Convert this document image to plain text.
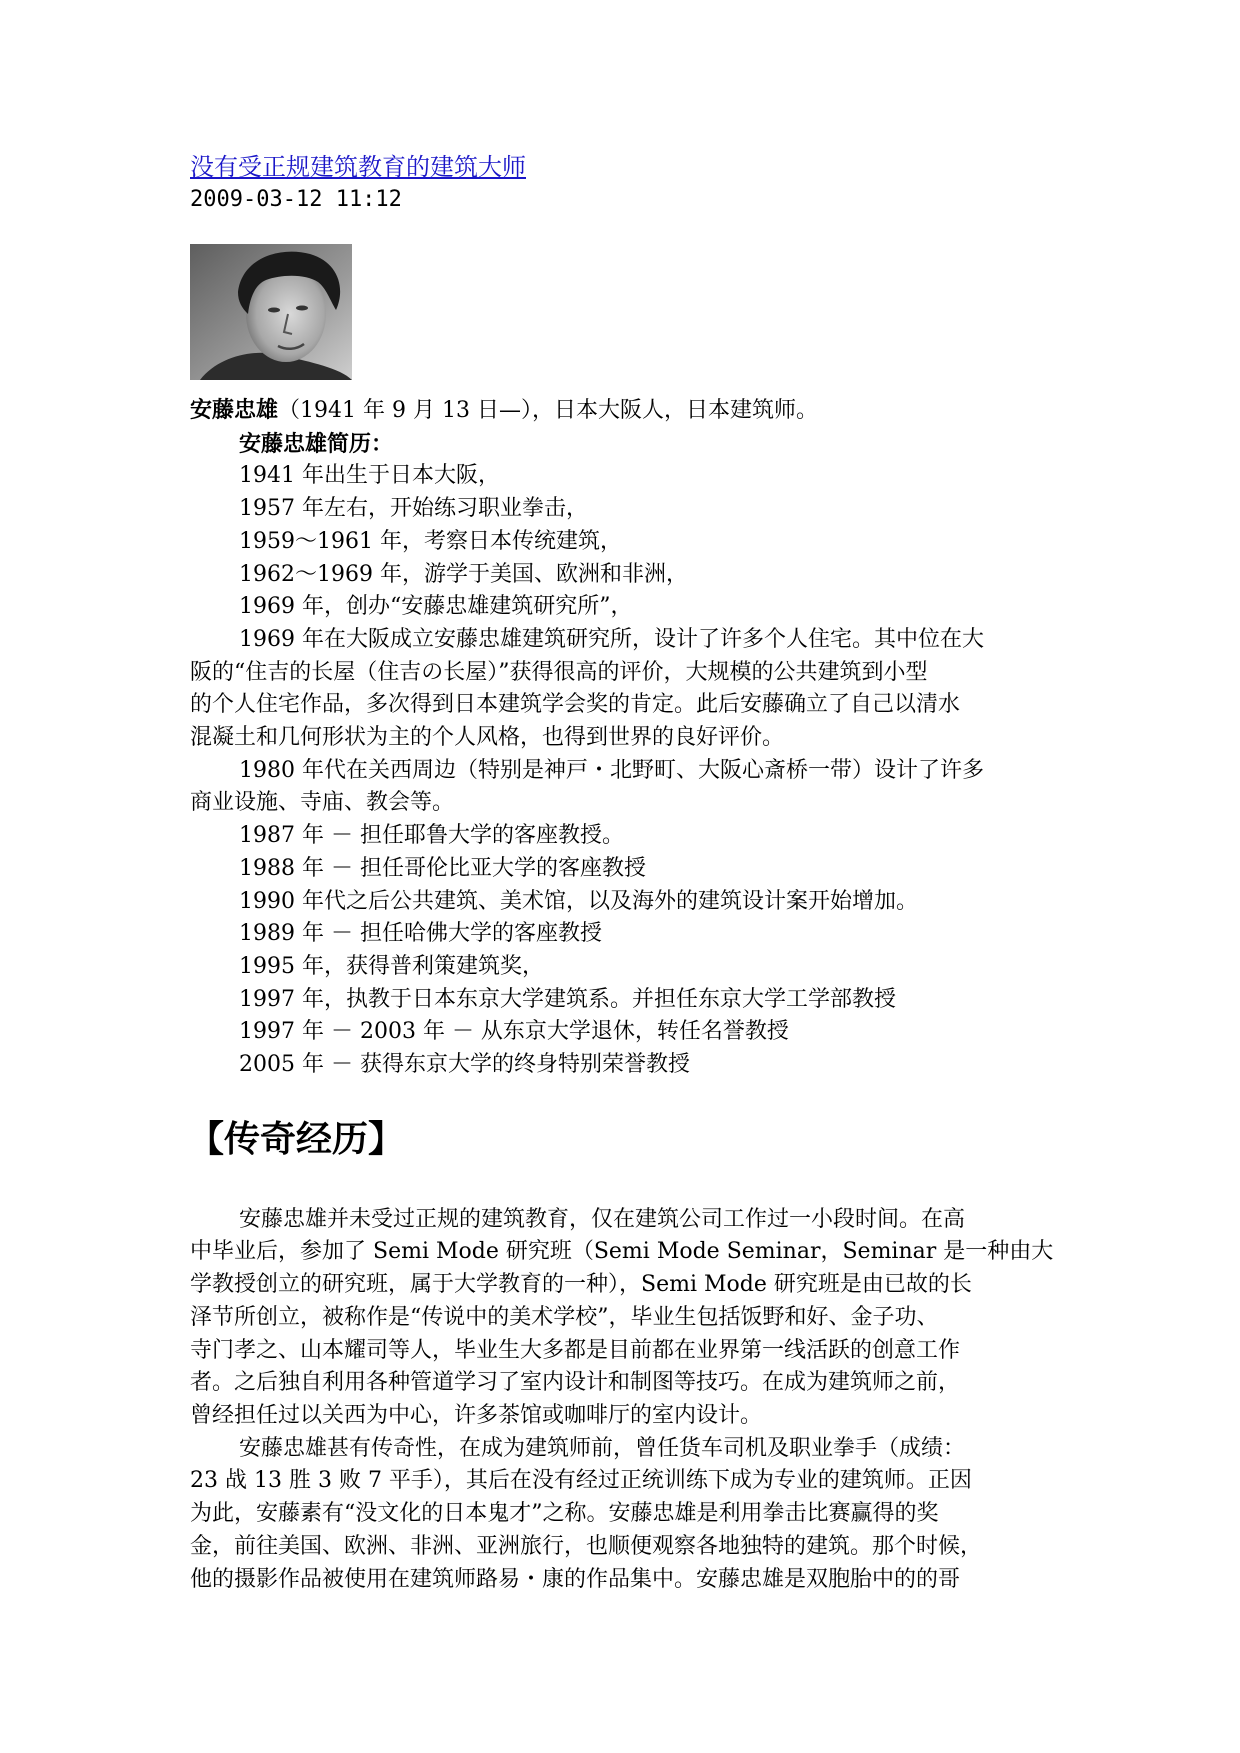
没有受正规建筑教育的建筑大师
2009-03-12 11:12

安藤忠雄（1941 年 9 月 13 日—），日本大阪人，日本建筑师。

安藤忠雄简历：

1941 年出生于日本大阪，

1957 年左右，开始练习职业拳击，

1959～1961 年，考察日本传统建筑，

1962～1969 年，游学于美国、欧洲和非洲，

1969 年，创办“安藤忠雄建筑研究所”，

1969 年在大阪成立安藤忠雄建筑研究所，设计了许多个人住宅。其中位在大

阪的“住吉的长屋（住吉の长屋）”获得很高的评价，大规模的公共建筑到小型

的个人住宅作品，多次得到日本建筑学会奖的肯定。此后安藤确立了自己以清水

混凝土和几何形状为主的个人风格，也得到世界的良好评价。

1980 年代在关西周边（特别是神戸・北野町、大阪心斎桥一带）设计了许多

商业设施、寺庙、教会等。

1987 年 － 担任耶鲁大学的客座教授。

1988 年 － 担任哥伦比亚大学的客座教授

1990 年代之后公共建筑、美术馆，以及海外的建筑设计案开始增加。

1989 年 － 担任哈佛大学的客座教授

1995 年，获得普利策建筑奖，

1997 年，执教于日本东京大学建筑系。并担任东京大学工学部教授

1997 年 － 2003 年 － 从东京大学退休，转任名誉教授

2005 年 － 获得东京大学的终身特别荣誉教授

【传奇经历】

安藤忠雄并未受过正规的建筑教育，仅在建筑公司工作过一小段时间。在高

中毕业后，参加了 Semi Mode 研究班（Semi Mode Seminar，Seminar 是一种由大

学教授创立的研究班，属于大学教育的一种），Semi Mode 研究班是由已故的长

泽节所创立，被称作是“传说中的美术学校”，毕业生包括饭野和好、金子功、

寺门孝之、山本耀司等人，毕业生大多都是目前都在业界第一线活跃的创意工作

者。之后独自利用各种管道学习了室内设计和制图等技巧。在成为建筑师之前，

曾经担任过以关西为中心，许多茶馆或咖啡厅的室内设计。

安藤忠雄甚有传奇性，在成为建筑师前，曾任货车司机及职业拳手（成绩：

23 战 13 胜 3 败 7 平手），其后在没有经过正统训练下成为专业的建筑师。正因

为此，安藤素有“没文化的日本鬼才”之称。安藤忠雄是利用拳击比赛赢得的奖

金，前往美国、欧洲、非洲、亚洲旅行，也顺便观察各地独特的建筑。那个时候，

他的摄影作品被使用在建筑师路易・康的作品集中。安藤忠雄是双胞胎中的的哥
